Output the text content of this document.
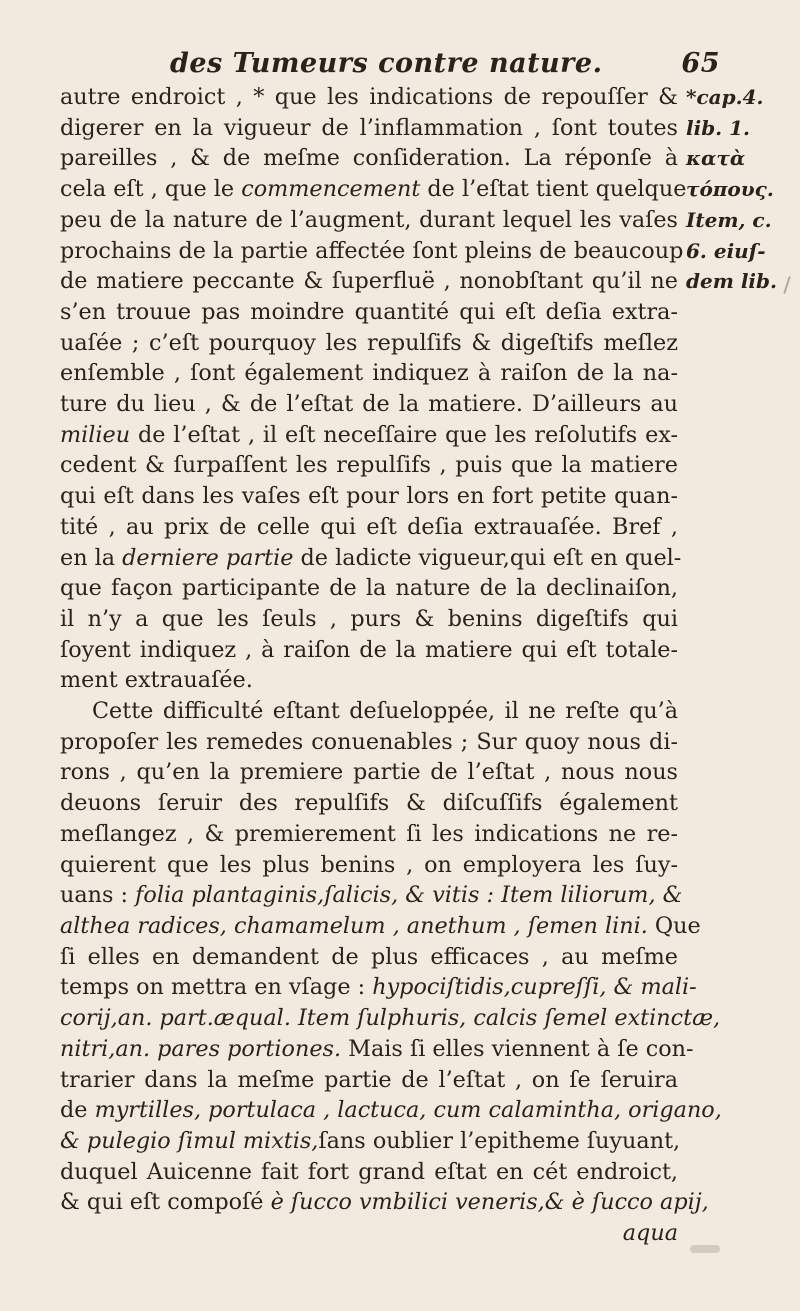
des Tumeurs contre nature.	65
autre endroict , * que les indications de repouſſer &
digerer en la vigueur de l’inflammation , ſont toutes
pareilles , & de meſme conſideration. La réponſe à
cela eſt , que le commencement de l’eſtat tient quelque
peu de la nature de l’augment, durant lequel les vaſes
prochains de la partie affectée ſont pleins de beaucoup
de matiere peccante & ſuperfluë , nonobſtant qu’il ne
s’en trouue pas moindre quantité qui eſt deſia extra-
uaſée ; c’eſt pourquoy les repulſifs & digeſtifs meſlez
enſemble , ſont également indiquez à raiſon de la na-
ture du lieu , & de l’eſtat de la matiere. D’ailleurs au
milieu de l’eſtat , il eſt neceſſaire que les reſolutifs ex-
cedent & ſurpaſſent les repulſifs , puis que la matiere
qui eſt dans les vaſes eſt pour lors en fort petite quan-
tité , au prix de celle qui eſt deſia extrauaſée. Bref ,
en la derniere partie de ladicte vigueur,qui eſt en quel-
que façon participante de la nature de la declinaiſon,
il n’y a que les ſeuls , purs & benins digeſtifs qui
ſoyent indiquez , à raiſon de la matiere qui eſt totale-
ment extrauaſée.
Cette difficulté eſtant deſueloppée, il ne reſte qu’à
propoſer les remedes conuenables ; Sur quoy nous di-
rons , qu’en la premiere partie de l’eſtat , nous nous
deuons ſeruir des repulſifs & diſcuſſifs également
meſlangez , & premierement ſi les indications ne re-
quierent que les plus benins , on employera les ſuy-
uans : folia plantaginis,ſalicis, & vitis : Item liliorum, &
althea radices, chamamelum , anethum , ſemen lini. Que
ſi elles en demandent de plus efficaces , au meſme
temps on mettra en vſage : hypociſtidis,cupreſſi, & mali-
corij,an. part.æqual. Item ſulphuris, calcis ſemel extinctæ,
nitri,an. pares portiones. Mais ſi elles viennent à ſe con-
trarier dans la meſme partie de l’eſtat , on ſe ſeruira
de myrtilles, portulaca , lactuca, cum calamintha, origano,
& pulegio ſimul mixtis,ſans oublier l’epitheme ſuyuant,
duquel Auicenne fait fort grand eſtat en cét endroict,
& qui eſt compoſé è ſucco vmbilici veneris,& è ſucco apij,
aqua
*cap.4.
lib. 1.
κατὰ
τόπους.
Item, c.
6. eiuſ-
dem lib.
